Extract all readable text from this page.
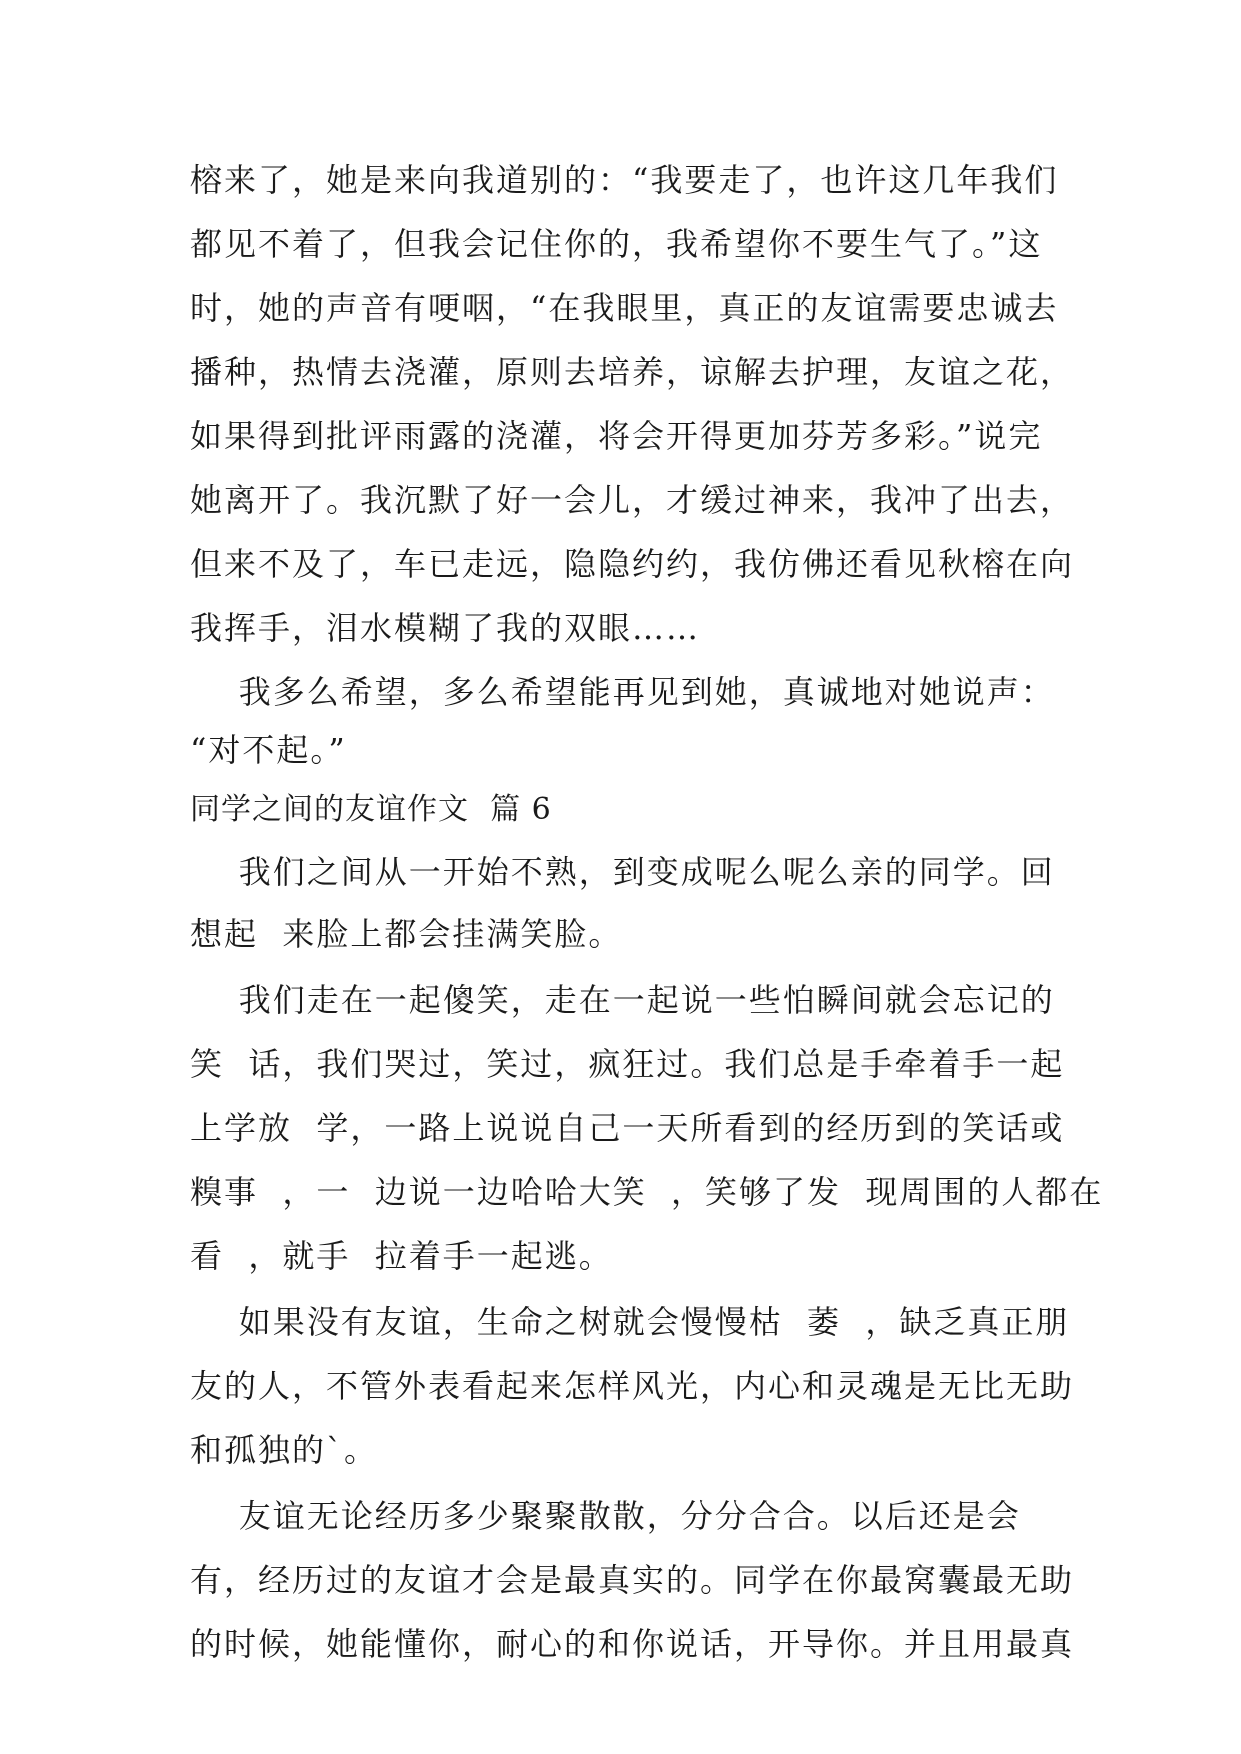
榕来了，她是来向我道别的：“我要走了，也许这几年我们
都见不着了，但我会记住你的，我希望你不要生气了。”这
时，她的声音有哽咽，“在我眼里，真正的友谊需要忠诚去
播种，热情去浇灌，原则去培养，谅解去护理，友谊之花，
如果得到批评雨露的浇灌，将会开得更加芬芳多彩。”说完
她离开了。我沉默了好一会儿，才缓过神来，我冲了出去，
但来不及了，车已走远，隐隐约约，我仿佛还看见秋榕在向
我挥手，泪水模糊了我的双眼……
我多么希望，多么希望能再见到她，真诚地对她说声：
“对不起。”
同学之间的友谊作文  篇 6
我们之间从一开始不熟，到变成呢么呢么亲的同学。回
想起  来脸上都会挂满笑脸。
我们走在一起傻笑，走在一起说一些怕瞬间就会忘记的
笑  话，我们哭过，笑过，疯狂过。我们总是手牵着手一起
上学放  学，一路上说说自己一天所看到的经历到的笑话或
糗事  ，一  边说一边哈哈大笑  ，笑够了发  现周围的人都在
看  ，就手  拉着手一起逃。
如果没有友谊，生命之树就会慢慢枯  萎  ，缺乏真正朋
友的人，不管外表看起来怎样风光，内心和灵魂是无比无助
和孤独的`。
友谊无论经历多少聚聚散散，分分合合。以后还是会
有，经历过的友谊才会是最真实的。同学在你最窝囊最无助
的时候，她能懂你，耐心的和你说话，开导你。并且用最真
